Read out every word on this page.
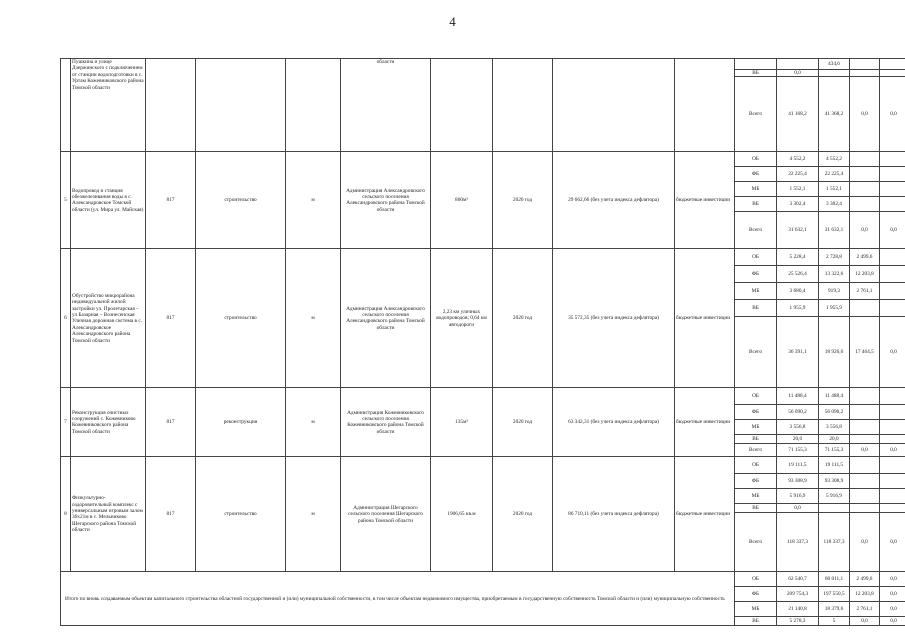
4
	Пушкина и улице Дзержинского с подключением от станции водоподготовки в с. Уртам Кожевниковского района Томской области				области							434,6		
										ВБ	0,0			
										Всего	41 168,2	41 368,2	0,0	0,0
5	Водопровод и станция обезжелезивания воды в с. Александровское Томской области (ул. Мира ул. Майская)	817	строительство	м	Администрация Александровского сельского поселения Александровского района Томской области	800м³	2020 год	29 662,66 (без учета индекса дефлятора)	бюджетные инвестиции	ОБ	4 552,2	4 552,2		
										ФБ	22 225,4	22 225,4		
										МБ	1 552,1	1 552,1		
										ВБ	3 302,4	3 302,4		
										Всего	31 632,1	31 632,1	0,0	0,0
6	Обустройство микрорайона индивидуальной жилой застройки ул. Пролетарская – ул Базарная – Вознесенская Уличная дорожная система в с. Александровское Александровского района Томской области	817	строительство	м	Администрация Александровского сельского поселения Александровского района Томской области	2,23 км уличных водопроводов; 0,64 км автодороги	2020 год	35 572,35 (без учета индекса дефлятора)	бюджетные инвестиции	ОБ	5 228,4	2 728,8	2 499,6	
										ФБ	25 526,4	13 322,6	12 203,8	
										МБ	3 680,4	919,3	2 761,1	
										ВБ	1 955,9	1 955,9		
										Всего	36 391,1	18 926,6	17 464,5	0,0
7	Реконструкция очистных сооружений с. Кожевниково Кожевниковского района Томской области	817	реконструкция	м	Администрация Кожевниковского сельского поселения Кожевниковского района Томской области	135м³	2020 год	63 342,31 (без учета индекса дефлятора)	бюджетные инвестиции	ОБ	11 488,4	11 488,4		
										ФБ	56 090,2	56 090,2		
										МБ	3 556,8	3 556,8		
										ВБ	20,0	20,0		
										Всего	71 155,3	71 155,3	0,0	0,0
8	Физкультурно-оздоровительный комплекс с универсальным игровым залом 36х21м в с. Мельниково Шегарского района Томской области	817	строительство	м	Администрация Шегарского сельского поселения Шегарского района Томской области	1906,65 кв.м	2020 год	86 710,11 (без учета индекса дефлятора)	бюджетные инвестиции	ОБ	19 111,5	19 111,5		
										ФБ	93 308,9	93 308,9		
										МБ	5 916,9	5 916,9		
										ВБ	0,0			
										Всего	118 337,3	118 337,3	0,0	0,0
Итого по вновь создаваемым объектам капитального строительства областной государственной и (или) муниципальной собственности, в том числе объектам недвижимого имущества, приобретаемым в государственную собственность Томской области и (или) муниципальную собственность										ОБ	62 540,7	60 011,1	2 499,6	0,0
										ФБ	209 754,3	197 550,5	12 203,8	0,0
										МБ	21 140,8	18 379,6	2 761,1	0,0
										ВБ	5 278,3	5	0,0	0,0
